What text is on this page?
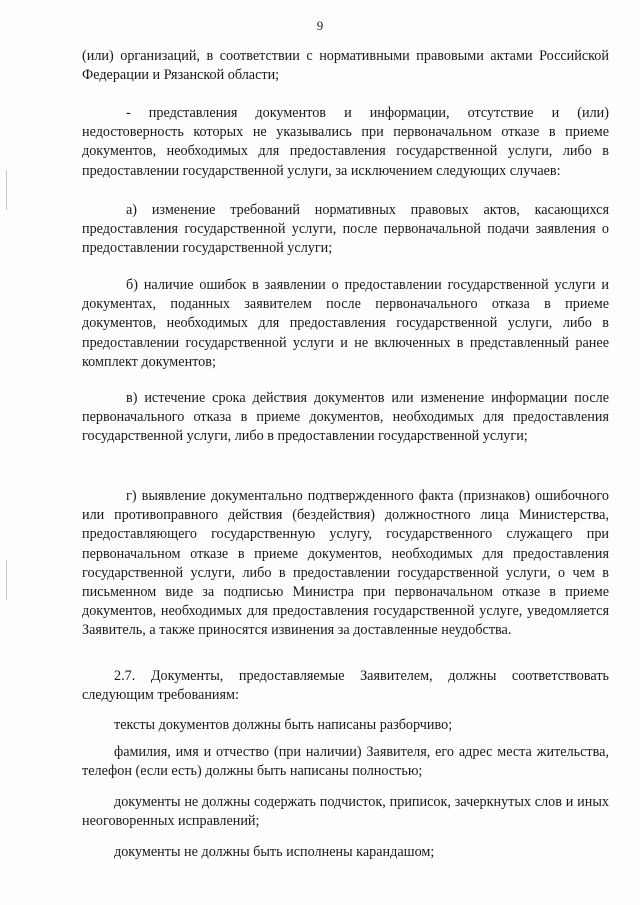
9

(или) организаций, в соответствии с нормативными правовыми актами Российской Федерации и Рязанской области;

- представления документов и информации, отсутствие и (или) недостоверность которых не указывались при первоначальном отказе в приеме документов, необходимых для предоставления государственной услуги, либо в предоставлении государственной услуги, за исключением следующих случаев:

а) изменение требований нормативных правовых актов, касающихся предоставления государственной услуги, после первоначальной подачи заявления о предоставлении государственной услуги;

б) наличие ошибок в заявлении о предоставлении государственной услуги и документах, поданных заявителем после первоначального отказа в приеме документов, необходимых для предоставления государственной услуги, либо в предоставлении государственной услуги и не включенных в представленный ранее комплект документов;

в) истечение срока действия документов или изменение информации после первоначального отказа в приеме документов, необходимых для предоставления государственной услуги, либо в предоставлении государственной услуги;

г) выявление документально подтвержденного факта (признаков) ошибочного или противоправного действия (бездействия) должностного лица Министерства, предоставляющего государственную услугу, государственного служащего при первоначальном отказе в приеме документов, необходимых для предоставления государственной услуги, либо в предоставлении государственной услуги, о чем в письменном виде за подписью Министра при первоначальном отказе в приеме документов, необходимых для предоставления государственной услуге, уведомляется Заявитель, а также приносятся извинения за доставленные неудобства.

2.7. Документы, предоставляемые Заявителем, должны соответствовать следующим требованиям:

тексты документов должны быть написаны разборчиво;

фамилия, имя и отчество (при наличии) Заявителя, его адрес места жительства, телефон (если есть) должны быть написаны полностью;

документы не должны содержать подчисток, приписок, зачеркнутых слов и иных неоговоренных исправлений;

документы не должны быть исполнены карандашом;
